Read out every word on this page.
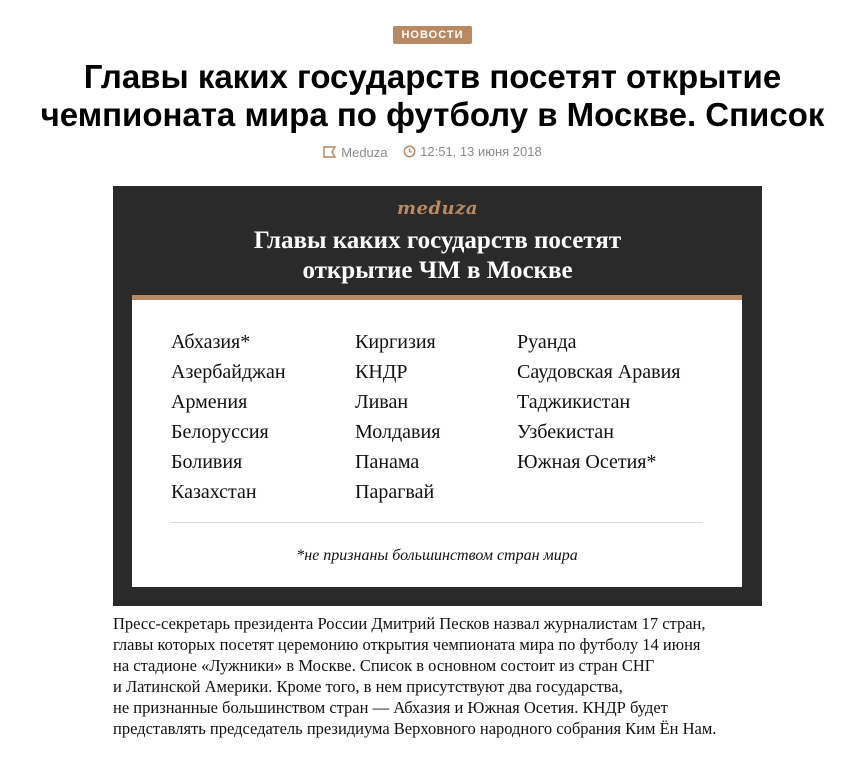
НОВОСТИ
Главы каких государств посетят открытие
чемпионата мира по футболу в Москве. Список
Meduza
	12:51, 13 июня 2018
meduza
Главы каких государств посетят
открытие ЧМ в Москве
Абхазия*
Азербайджан
Армения
Белоруссия
Боливия
Казахстан
Киргизия
КНДР
Ливан
Молдавия
Панама
Парагвай
Руанда
Саудовская Аравия
Таджикистан
Узбекистан
Южная Осетия*
*не признаны большинством стран мира

Пресс-секретарь президента России Дмитрий Песков назвал журналистам 17 стран,
главы которых посетят церемонию открытия чемпионата мира по футболу 14 июня
на стадионе «Лужники» в Москве. Список в основном состоит из стран СНГ
и Латинской Америки. Кроме того, в нем присутствуют два государства,
не признанные большинством стран — Абхазия и Южная Осетия. КНДР будет
представлять председатель президиума Верховного народного собрания Ким Ён Нам.
